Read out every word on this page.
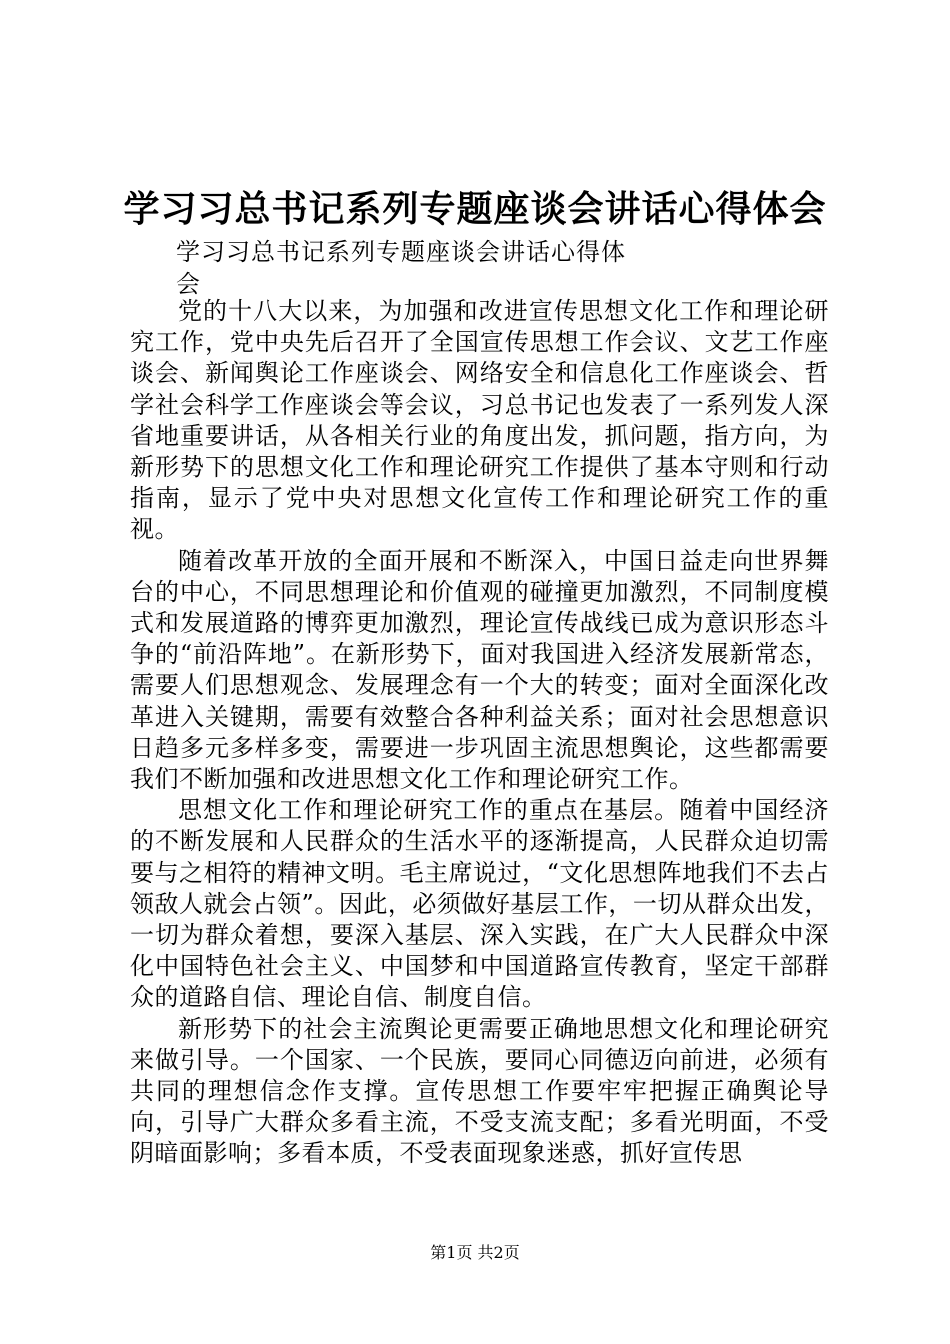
学习习总书记系列专题座谈会讲话心得体会
学习习总书记系列专题座谈会讲话心得体会

党的十八大以来，为加强和改进宣传思想文化工作和理论研究工作，党中央先后召开了全国宣传思想工作会议、文艺工作座谈会、新闻舆论工作座谈会、网络安全和信息化工作座谈会、哲学社会科学工作座谈会等会议，习总书记也发表了一系列发人深省地重要讲话，从各相关行业的角度出发，抓问题，指方向，为新形势下的思想文化工作和理论研究工作提供了基本守则和行动指南，显示了党中央对思想文化宣传工作和理论研究工作的重视。

随着改革开放的全面开展和不断深入，中国日益走向世界舞台的中心，不同思想理论和价值观的碰撞更加激烈，不同制度模式和发展道路的博弈更加激烈，理论宣传战线已成为意识形态斗争的“前沿阵地”。在新形势下，面对我国进入经济发展新常态，需要人们思想观念、发展理念有一个大的转变；面对全面深化改革进入关键期，需要有效整合各种利益关系；面对社会思想意识日趋多元多样多变，需要进一步巩固主流思想舆论，这些都需要我们不断加强和改进思想文化工作和理论研究工作。

思想文化工作和理论研究工作的重点在基层。随着中国经济的不断发展和人民群众的生活水平的逐渐提高，人民群众迫切需要与之相符的精神文明。毛主席说过，“文化思想阵地我们不去占领敌人就会占领”。因此，必须做好基层工作，一切从群众出发，一切为群众着想，要深入基层、深入实践，在广大人民群众中深化中国特色社会主义、中国梦和中国道路宣传教育，坚定干部群众的道路自信、理论自信、制度自信。

新形势下的社会主流舆论更需要正确地思想文化和理论研究来做引导。一个国家、一个民族，要同心同德迈向前进，必须有共同的理想信念作支撑。宣传思想工作要牢牢把握正确舆论导向，引导广大群众多看主流，不受支流支配；多看光明面，不受阴暗面影响；多看本质，不受表面现象迷惑，抓好宣传思

第1页 共2页
